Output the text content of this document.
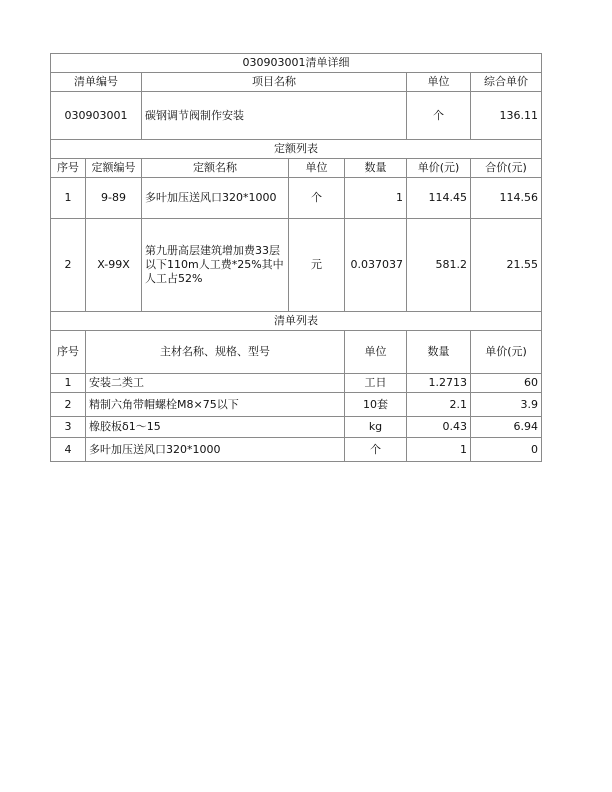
030903001清单详细							
清单编号		项目名称			单位	综合单价	
030903001		碳钢调节阀制作安装			个	136.11	
定额列表							
序号	定额编号	定额名称	单位	数量	单价(元)	合价(元)	
1	9-89	多叶加压送风口320*1000	个	1	114.45	114.56	
2	X-99X	第九册高层建筑增加费33层以下110m人工费*25%其中人工占52%	元	0.037037	581.2	21.55	
清单列表							
序号	主材名称、规格、型号			单位	数量	单价(元)	
1	安装二类工			工日	1.2713	60	
2	精制六角带帽螺栓M8×75以下			10套	2.1	3.9	
3	橡胶板δ1～15			kg	0.43	6.94	
4	多叶加压送风口320*1000			个	1	0	
